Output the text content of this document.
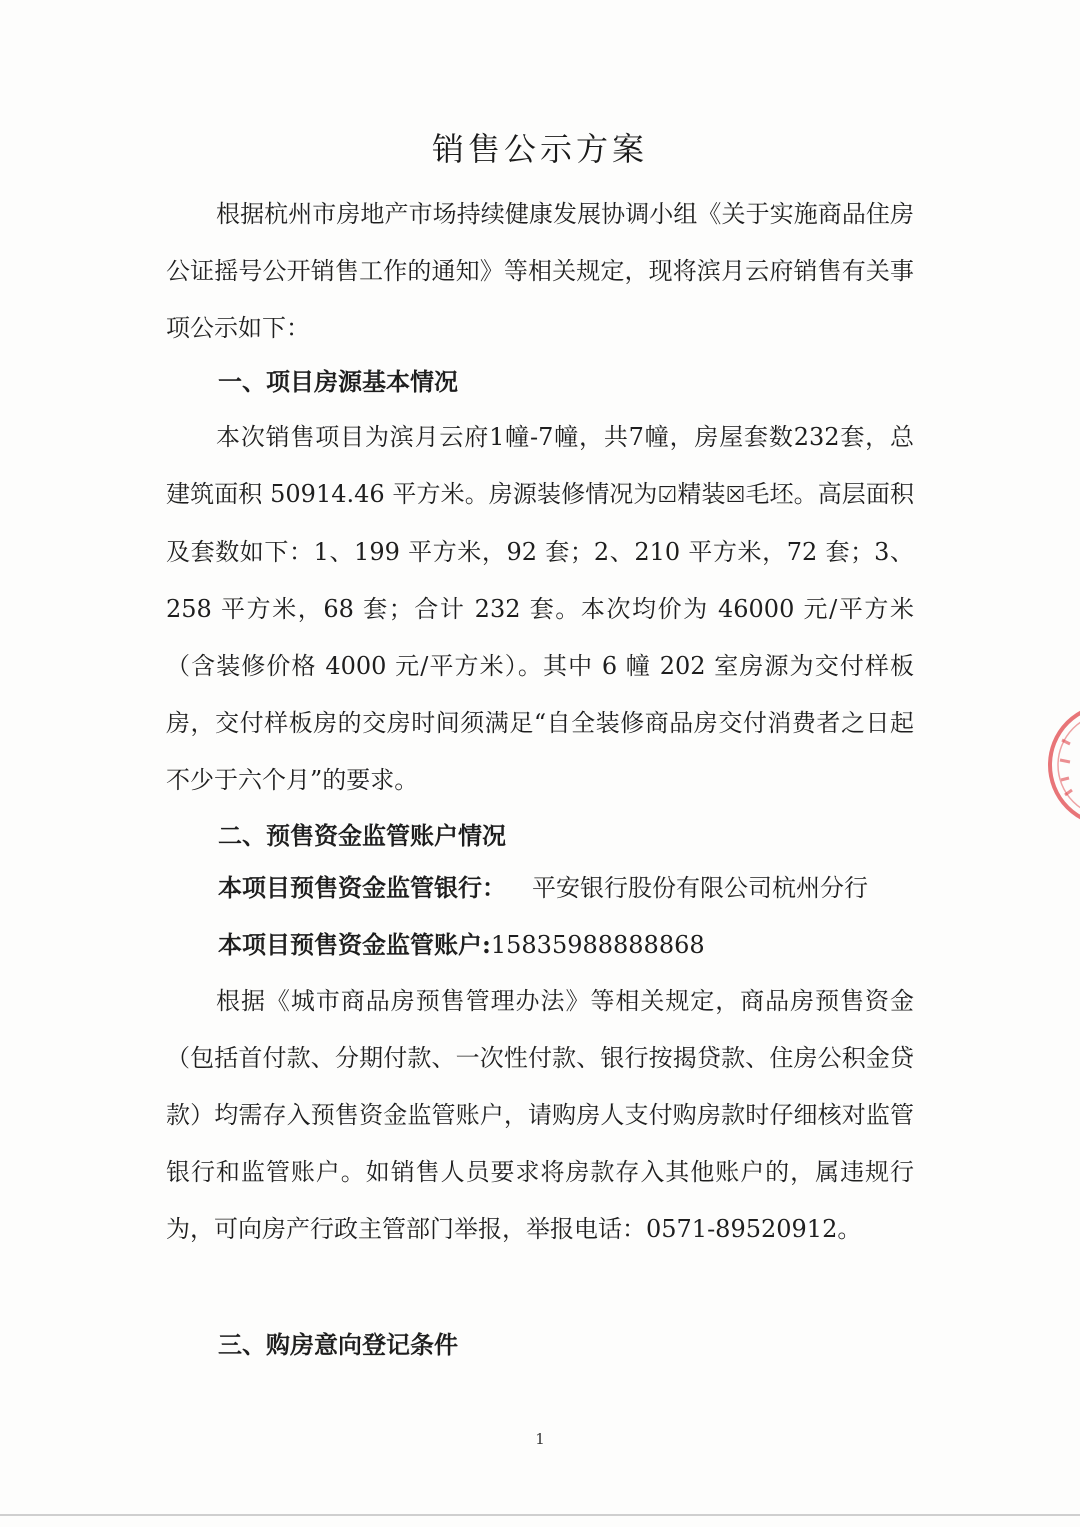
销售公示方案

根据杭州市房地产市场持续健康发展协调小组《关于实施商品住房公证摇号公开销售工作的通知》等相关规定，现将滨月云府销售有关事项公示如下：

一、项目房源基本情况

本次销售项目为滨月云府1幢-7幢，共7幢，房屋套数232套，总建筑面积 50914.46 平方米。房源装修情况为☑精装☒毛坯。高层面积及套数如下：1、199 平方米，92 套；2、210 平方米，72 套；3、258 平方米，68 套；合计 232 套。本次均价为 46000 元/平方米（含装修价格 4000 元/平方米）。其中 6 幢 202 室房源为交付样板房，交付样板房的交房时间须满足“自全装修商品房交付消费者之日起不少于六个月”的要求。

二、预售资金监管账户情况
本项目预售资金监管银行： 平安银行股份有限公司杭州分行
本项目预售资金监管账户:15835988888868

根据《城市商品房预售管理办法》等相关规定，商品房预售资金（包括首付款、分期付款、一次性付款、银行按揭贷款、住房公积金贷款）均需存入预售资金监管账户，请购房人支付购房款时仔细核对监管银行和监管账户。如销售人员要求将房款存入其他账户的，属违规行为，可向房产行政主管部门举报，举报电话：0571-89520912。

三、购房意向登记条件
1
